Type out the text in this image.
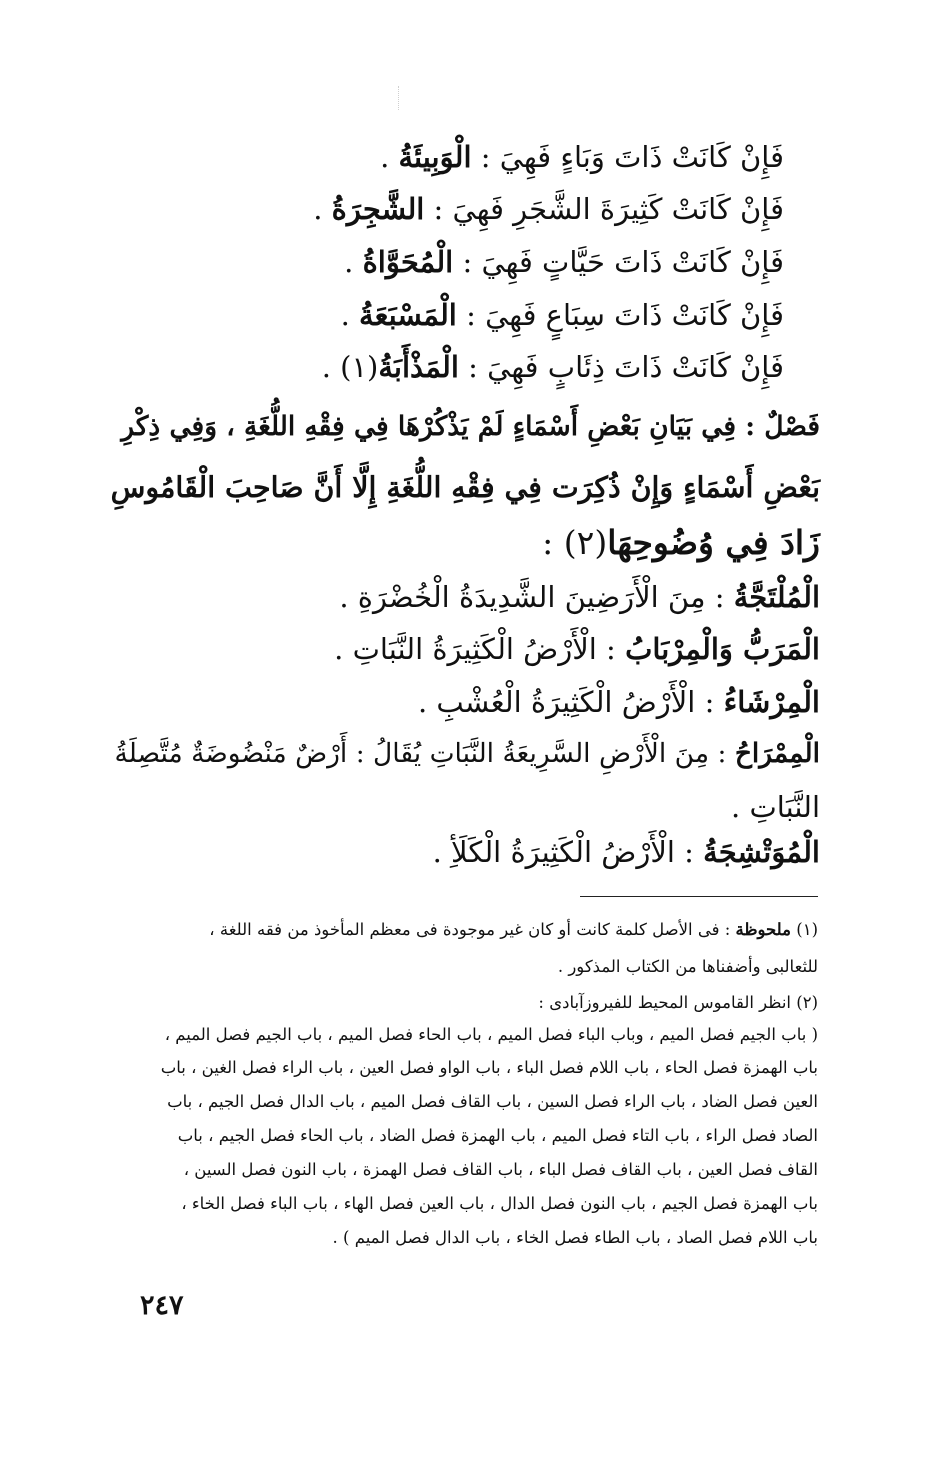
فَإِنْ كَانَتْ ذَاتَ وَبَاءٍ فَهِيَ : الْوَبِيئَةُ .
فَإِنْ كَانَتْ كَثِيرَةَ الشَّجَرِ فَهِيَ : الشَّجِرَةُ .
فَإِنْ كَانَتْ ذَاتَ حَيَّاتٍ فَهِيَ : الْمُحَوَّاةُ .
فَإِنْ كَانَتْ ذَاتَ سِبَاعٍ فَهِيَ : الْمَسْبَعَةُ .
فَإِنْ كَانَتْ ذَاتَ ذِئَابٍ فَهِيَ : الْمَذْأَبَةُ(١) .
فَصْلٌ : فِي بَيَانِ بَعْضِ أَسْمَاءٍ لَمْ يَذْكُرْهَا فِي فِقْهِ اللُّغَةِ ، وَفِي ذِكْرِ
بَعْضِ أَسْمَاءٍ وَإِنْ ذُكِرَت فِي فِقْهِ اللُّغَةِ إِلَّا أَنَّ صَاحِبَ الْقَامُوسِ
زَادَ فِي وُضُوحِهَا(٢) :
الْمُلْتَجَّةُ : مِنَ الْأَرَضِينَ الشَّدِيدَةُ الْخُضْرَةِ .
الْمَرَبُّ وَالْمِرْبَابُ : الْأَرْضُ الْكَثِيرَةُ النَّبَاتِ .
الْمِرْشَاءُ : الْأَرْضُ الْكَثِيرَةُ الْعُشْبِ .
الْمِمْرَاحُ : مِنَ الْأَرْضِ السَّرِيعَةُ النَّبَاتِ يُقَالُ : أَرْضٌ مَنْضُوضَةٌ مُتَّصِلَةُ
النَّبَاتِ .
الْمُوَتْشِجَةُ : الْأَرْضُ الْكَثِيرَةُ الْكَلَأِ .
(١) ملحوظة : فى الأصل كلمة كانت أو كان غير موجودة فى معظم المأخوذ من فقه اللغة ،
للثعالبى وأضفناها من الكتاب المذكور .
(٢) انظر القاموس المحيط للفيروزآبادى :
( باب الجيم فصل الميم ، وباب الباء فصل الميم ، باب الحاء فصل الميم ، باب الجيم فصل الميم ،
باب الهمزة فصل الحاء ، باب اللام فصل الباء ، باب الواو فصل العين ، باب الراء فصل الغين ، باب
العين فصل الضاد ، باب الراء فصل السين ، باب القاف فصل الميم ، باب الدال فصل الجيم ، باب
الصاد فصل الراء ، باب التاء فصل الميم ، باب الهمزة فصل الضاد ، باب الحاء فصل الجيم ، باب
القاف فصل العين ، باب القاف فصل الباء ، باب القاف فصل الهمزة ، باب النون فصل السين ،
باب الهمزة فصل الجيم ، باب النون فصل الدال ، باب العين فصل الهاء ، باب الباء فصل الخاء ،
باب اللام فصل الصاد ، باب الطاء فصل الخاء ، باب الدال فصل الميم ) .
٢٤٧
